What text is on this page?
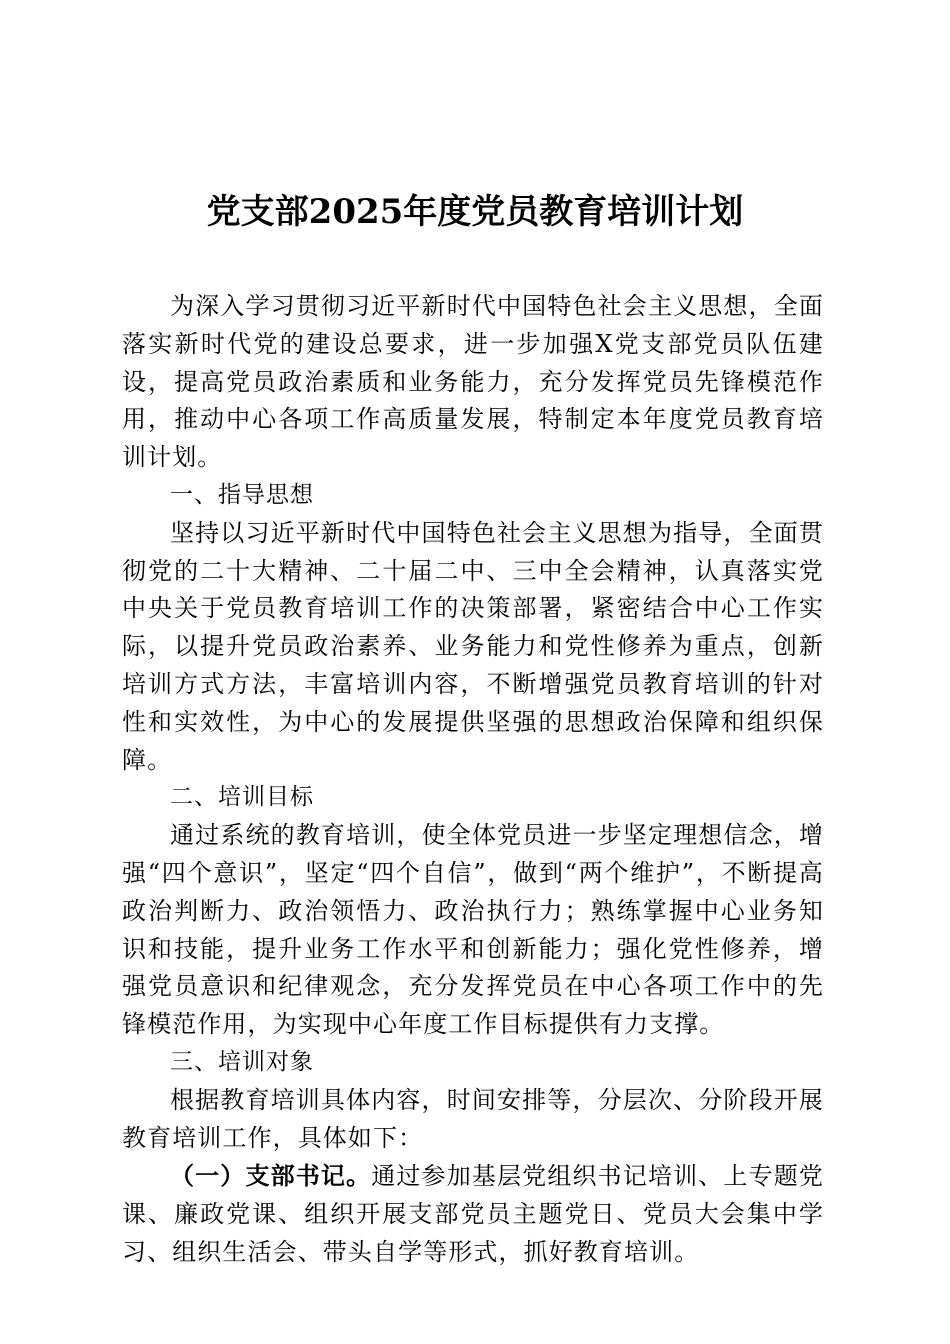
党支部2025年度党员教育培训计划

为深入学习贯彻习近平新时代中国特色社会主义思想，全面落实新时代党的建设总要求，进一步加强X党支部党员队伍建设，提高党员政治素质和业务能力，充分发挥党员先锋模范作用，推动中心各项工作高质量发展，特制定本年度党员教育培训计划。

一、指导思想

坚持以习近平新时代中国特色社会主义思想为指导，全面贯彻党的二十大精神、二十届二中、三中全会精神，认真落实党中央关于党员教育培训工作的决策部署，紧密结合中心工作实际，以提升党员政治素养、业务能力和党性修养为重点，创新培训方式方法，丰富培训内容，不断增强党员教育培训的针对性和实效性，为中心的发展提供坚强的思想政治保障和组织保障。

二、培训目标

通过系统的教育培训，使全体党员进一步坚定理想信念，增强“四个意识”，坚定“四个自信”，做到“两个维护”，不断提高政治判断力、政治领悟力、政治执行力；熟练掌握中心业务知识和技能，提升业务工作水平和创新能力；强化党性修养，增强党员意识和纪律观念，充分发挥党员在中心各项工作中的先锋模范作用，为实现中心年度工作目标提供有力支撑。

三、培训对象

根据教育培训具体内容，时间安排等，分层次、分阶段开展教育培训工作，具体如下：

（一）支部书记。通过参加基层党组织书记培训、上专题党课、廉政党课、组织开展支部党员主题党日、党员大会集中学习、组织生活会、带头自学等形式，抓好教育培训。
